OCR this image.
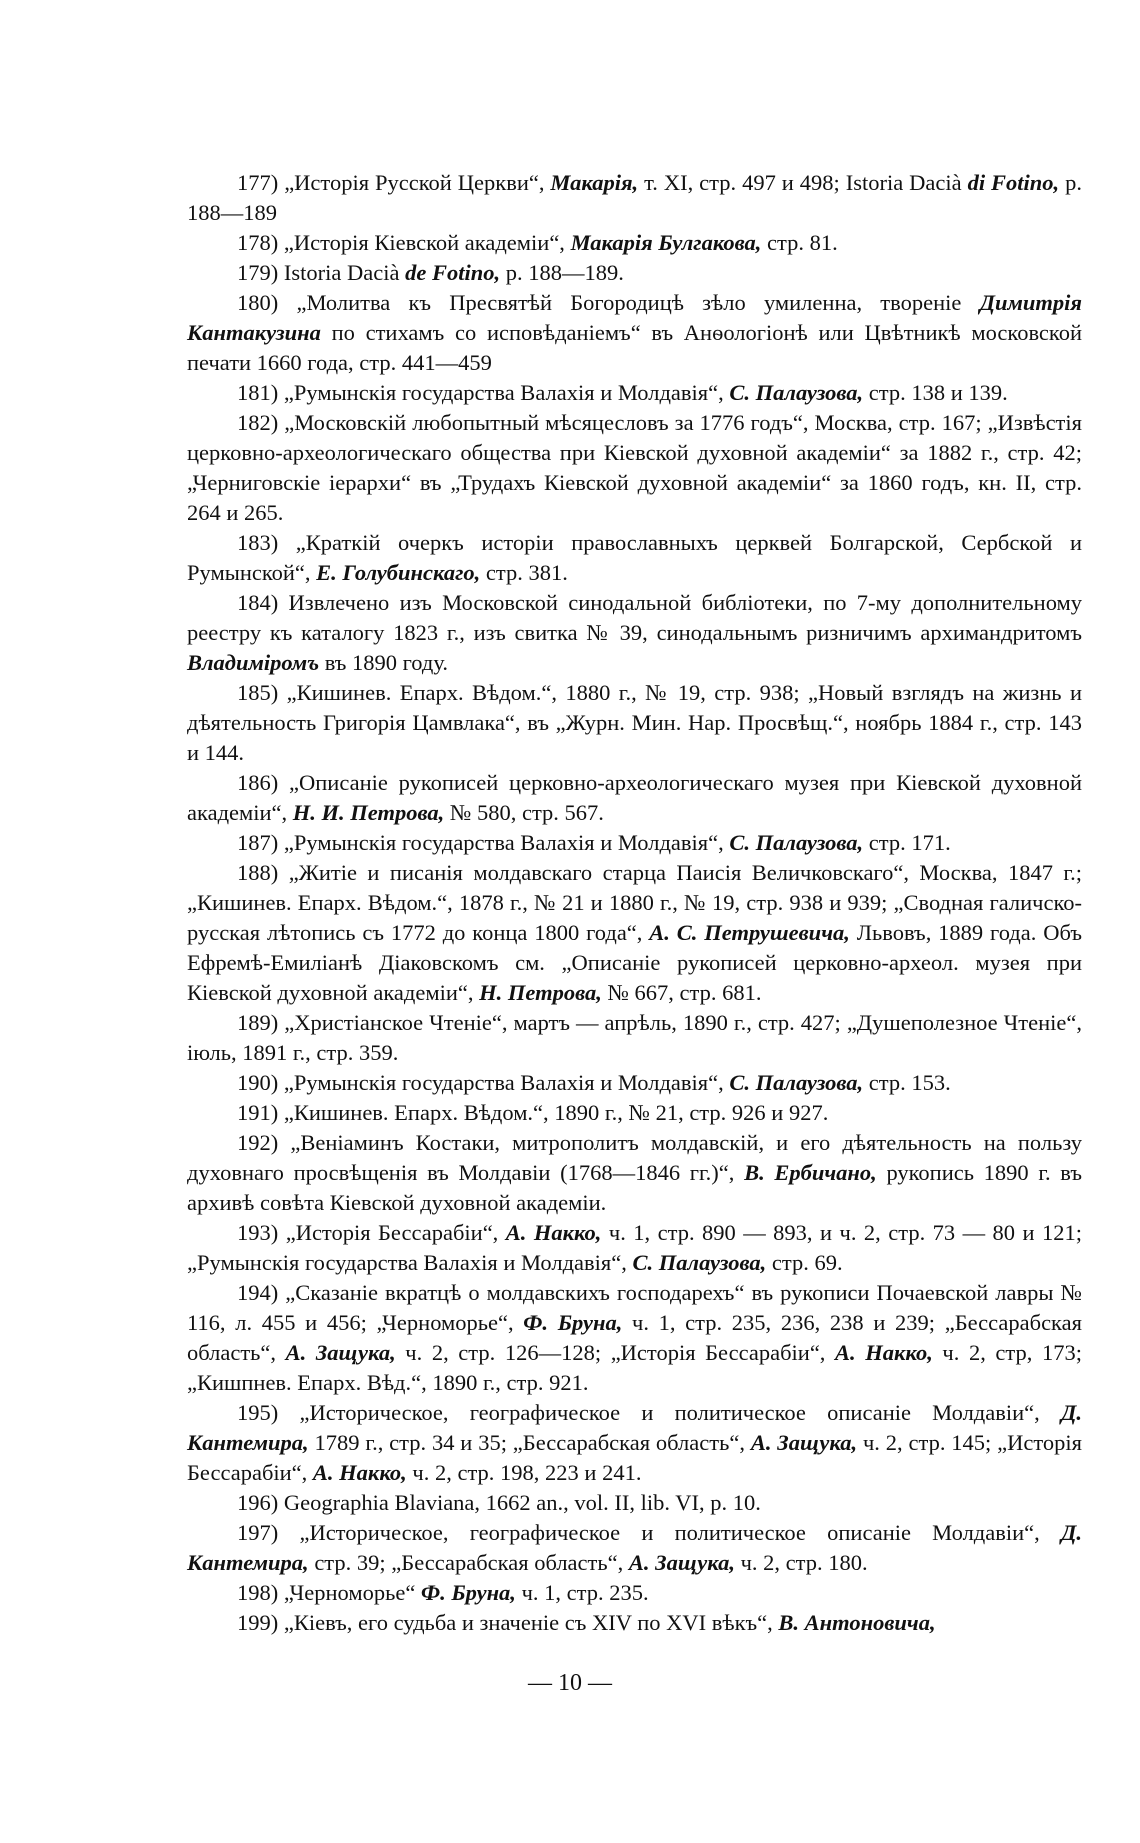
177) „Исторія Русской Церкви“, Макарія, т. XI, стр. 497 и 498; Istoria Dacià di Fotino, p. 188—189

178) „Исторія Кіевской академіи“, Макарія Булгакова, стр. 81.

179) Istoria Dacià de Fotino, p. 188—189.

180) „Молитва къ Пресвятѣй Богородицѣ зѣло умиленна, твореніе Димитрія Кантакузина по стихамъ со исповѣданіемъ“ въ Анѳологіонѣ или Цвѣтникѣ московской печати 1660 года, стр. 441—459

181) „Румынскія государства Валахія и Молдавія“, С. Палаузова, стр. 138 и 139.

182) „Московскій любопытный мѣсяцесловъ за 1776 годъ“, Москва, стр. 167; „Извѣстія церковно-археологическаго общества при Кіевской духовной академіи“ за 1882 г., стр. 42; „Черниговскіе іерархи“ въ „Трудахъ Кіевской духовной академіи“ за 1860 годъ, кн. II, стр. 264 и 265.

183) „Краткій очеркъ исторіи православныхъ церквей Болгарской, Сербской и Румынской“, Е. Голубинскаго, стр. 381.

184) Извлечено изъ Московской синодальной библіотеки, по 7-му дополнительному реестру къ каталогу 1823 г., изъ свитка № 39, синодальнымъ ризничимъ архимандритомъ Владиміромъ въ 1890 году.

185) „Кишинев. Епарх. Вѣдом.“, 1880 г., № 19, стр. 938; „Новый взглядъ на жизнь и дѣятельность Григорія Цамвлака“, въ „Журн. Мин. Нар. Просвѣщ.“, ноябрь 1884 г., стр. 143 и 144.

186) „Описаніе рукописей церковно-археологическаго музея при Кіевской духовной академіи“, Н. И. Петрова, № 580, стр. 567.

187) „Румынскія государства Валахія и Молдавія“, С. Палаузова, стр. 171.

188) „Житіе и писанія молдавскаго старца Паисія Величковскаго“, Москва, 1847 г.; „Кишинев. Епарх. Вѣдом.“, 1878 г., № 21 и 1880 г., № 19, стр. 938 и 939; „Сводная галичско-русская лѣтопись съ 1772 до конца 1800 года“, А. С. Петрушевича, Львовъ, 1889 года. Объ Ефремѣ-Емиліанѣ Діаковскомъ см. „Описаніе рукописей церковно-археол. музея при Кіевской духовной академіи“, Н. Петрова, № 667, стр. 681.

189) „Христіанское Чтеніе“, мартъ — апрѣль, 1890 г., стр. 427; „Душеполезное Чтеніе“, іюль, 1891 г., стр. 359.

190) „Румынскія государства Валахія и Молдавія“, С. Палаузова, стр. 153.

191) „Кишинев. Епарх. Вѣдом.“, 1890 г., № 21, стр. 926 и 927.

192) „Веніаминъ Костаки, митрополитъ молдавскій, и его дѣятельность на пользу духовнаго просвѣщенія въ Молдавіи (1768—1846 гг.)“, В. Ербичано, рукопись 1890 г. въ архивѣ совѣта Кіевской духовной академіи.

193) „Исторія Бессарабіи“, А. Накко, ч. 1, стр. 890 — 893, и ч. 2, стр. 73 — 80 и 121; „Румынскія государства Валахія и Молдавія“, С. Палаузова, стр. 69.

194) „Сказаніе вкратцѣ о молдавскихъ господарехъ“ въ рукописи Почаевской лавры № 116, л. 455 и 456; „Черноморье“, Ф. Бруна, ч. 1, стр. 235, 236, 238 и 239; „Бессарабская область“, А. Защука, ч. 2, стр. 126—128; „Исторія Бессарабіи“, А. Накко, ч. 2, стр, 173; „Кишпнев. Епарх. Вѣд.“, 1890 г., стр. 921.

195) „Историческое, географическое и политическое описаніе Молдавіи“, Д. Кантемира, 1789 г., стр. 34 и 35; „Бессарабская область“, А. Защука, ч. 2, стр. 145; „Исторія Бессарабіи“, А. Накко, ч. 2, стр. 198, 223 и 241.

196) Geographia Blaviana, 1662 an., vol. II, lib. VI, p. 10.

197) „Историческое, географическое и политическое описаніе Молдавіи“, Д. Кантемира, стр. 39; „Бессарабская область“, А. Защука, ч. 2, стр. 180.

198) „Черноморье“ Ф. Бруна, ч. 1, стр. 235.

199) „Кіевъ, его судьба и значеніе съ XIV по XVI вѣкъ“, В. Антоновича,

— 10 —
